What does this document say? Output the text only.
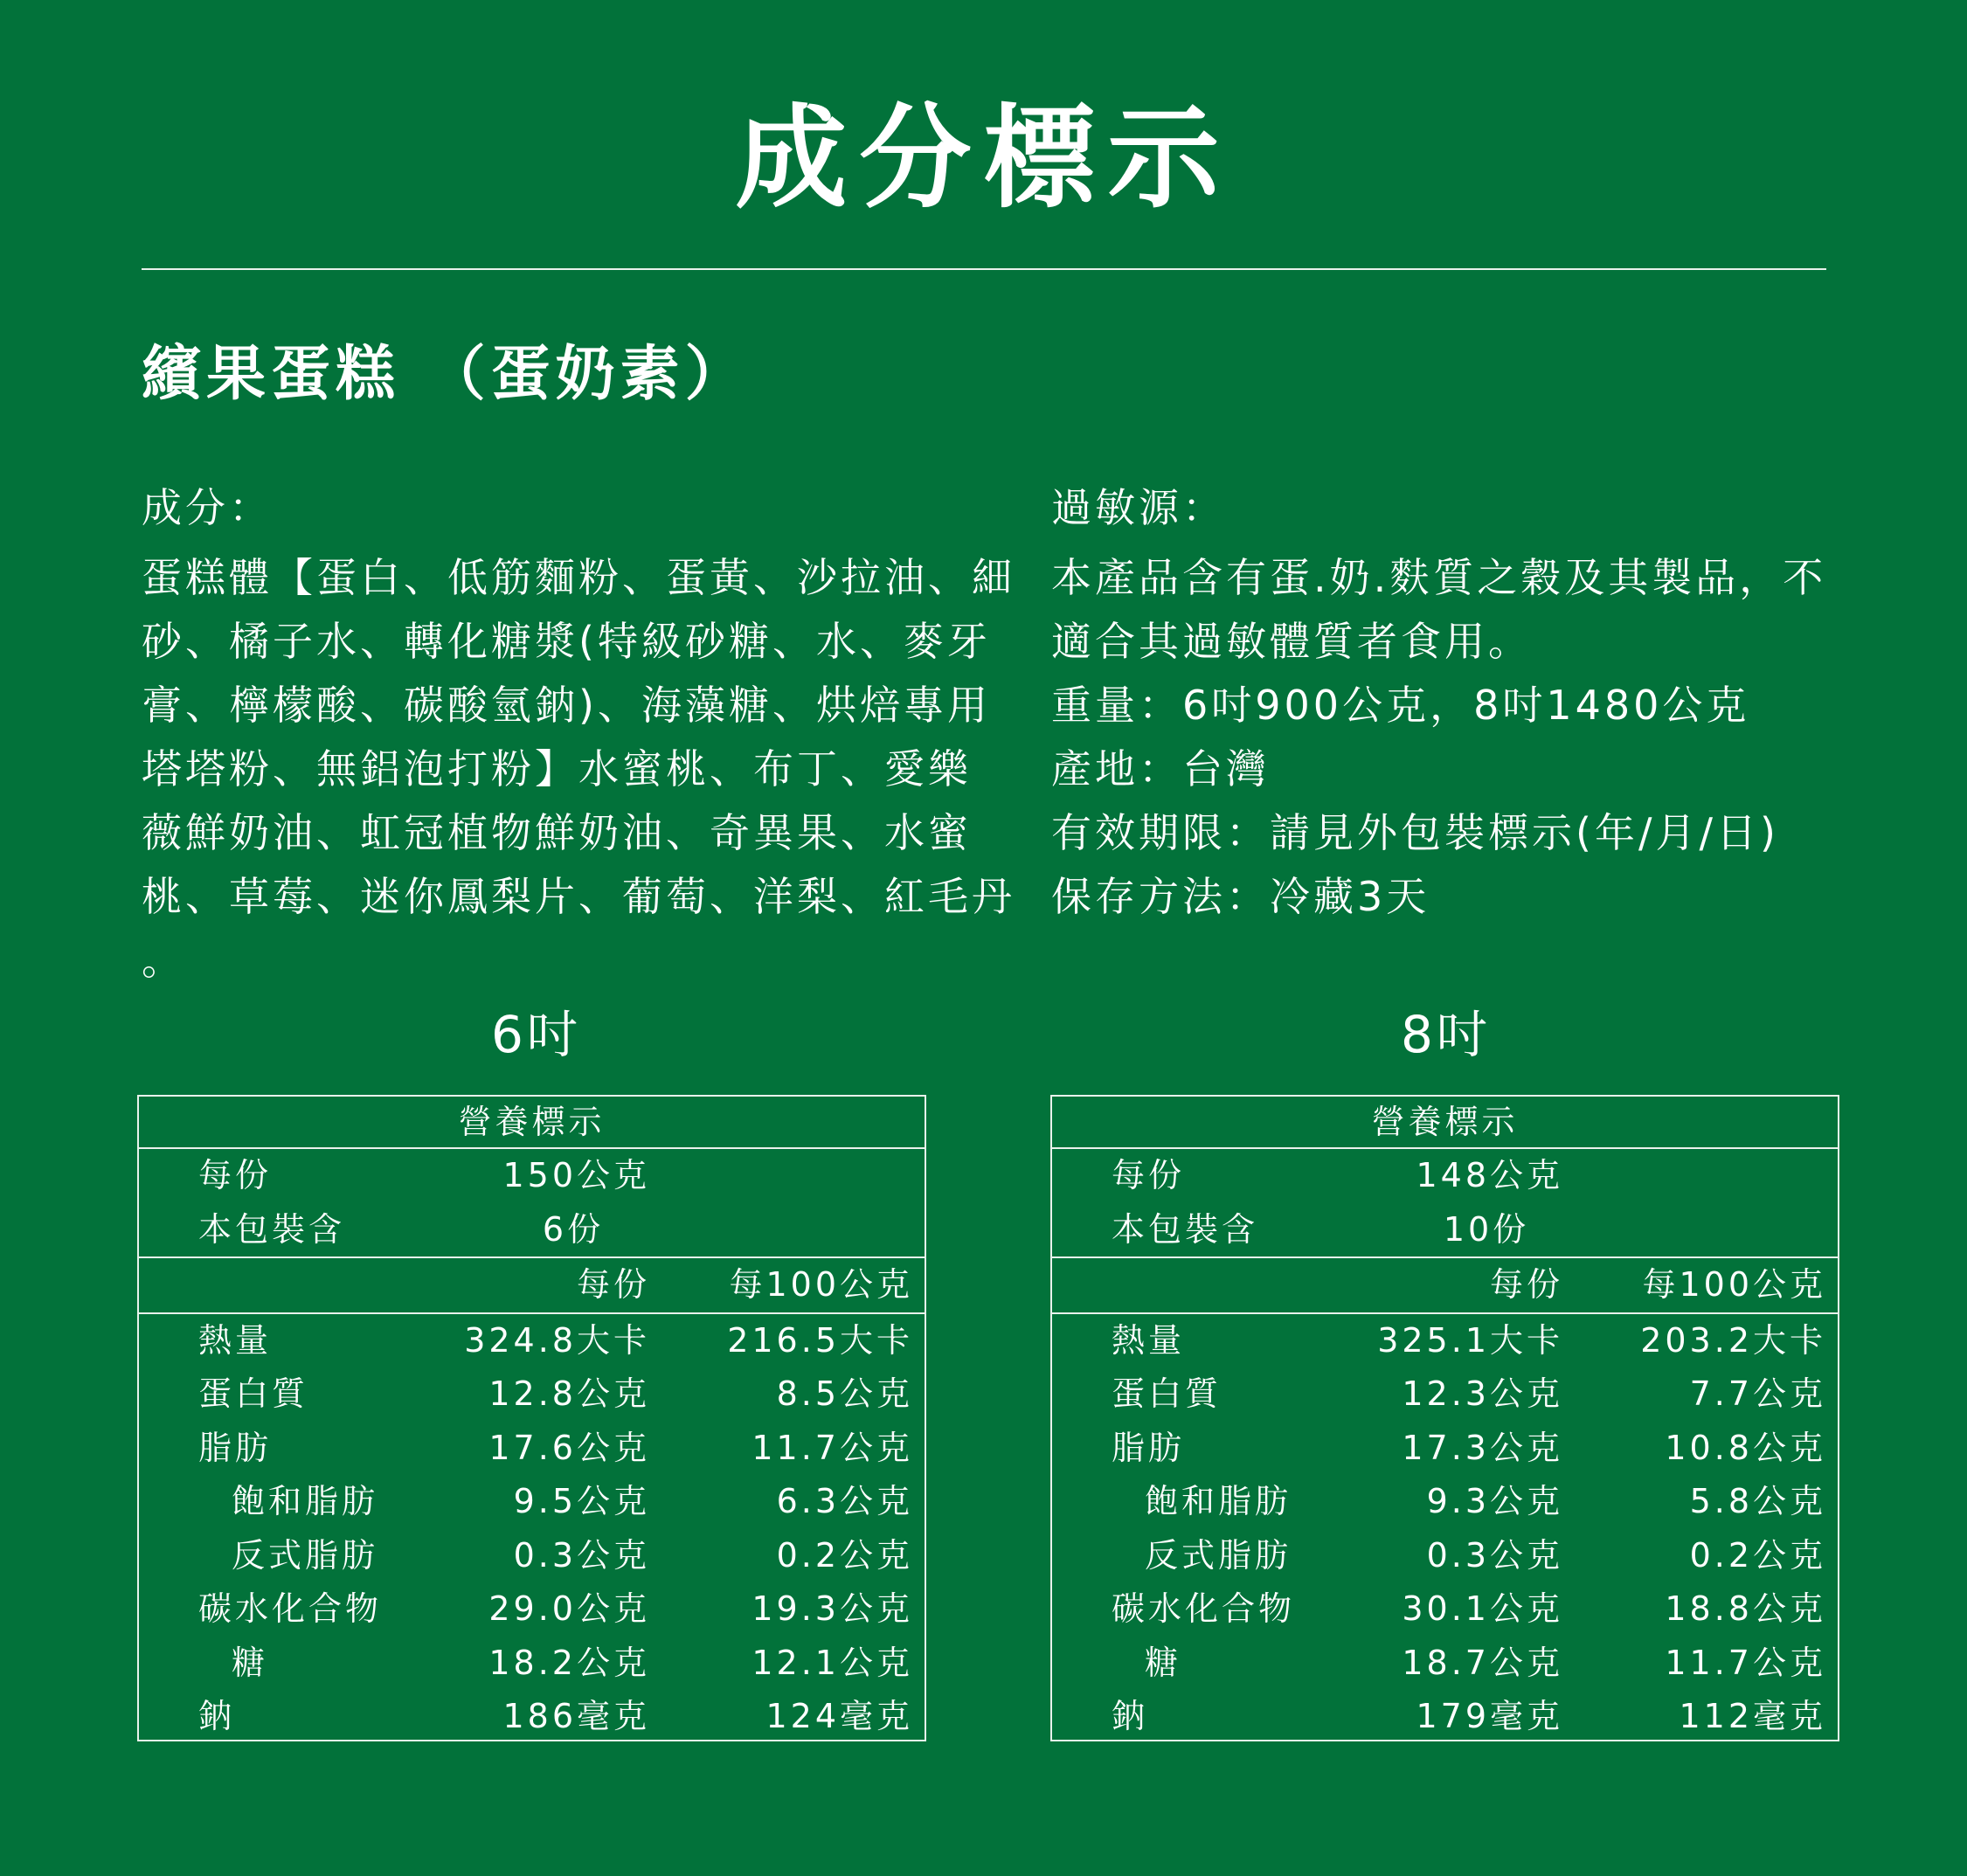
成分標示
繽果蛋糕 （蛋奶素）
成分：
蛋糕體【蛋白、低筋麵粉、蛋黃、沙拉油、細
砂、橘子水、轉化糖漿(特級砂糖、水、麥牙
膏、檸檬酸、碳酸氫鈉)、海藻糖、烘焙專用
塔塔粉、無鋁泡打粉】水蜜桃、布丁、愛樂
薇鮮奶油、虹冠植物鮮奶油、奇異果、水蜜
桃、草莓、迷你鳳梨片、葡萄、洋梨、紅毛丹
。
過敏源：
本產品含有蛋.奶.麩質之穀及其製品，不
適合其過敏體質者食用。
重量：6吋900公克，8吋1480公克
產地：台灣
有效期限：請見外包裝標示(年/月/日)
保存方法：冷藏3天
6吋	8吋
營養標示
每份	150公克
本包裝含	6份
每份 每100公克
熱量	324.8大卡 216.5大卡
蛋白質	12.8公克	8.5公克
脂肪	17.6公克	11.7公克
飽和脂肪	9.5公克	6.3公克
反式脂肪	0.3公克	0.2公克
碳水化合物	29.0公克	19.3公克
糖	18.2公克	12.1公克
鈉	186毫克	124毫克
營養標示
每份	148公克
本包裝含	10份
每份 每100公克
熱量	325.1大卡 203.2大卡
蛋白質	12.3公克	7.7公克
脂肪	17.3公克	10.8公克
飽和脂肪	9.3公克	5.8公克
反式脂肪	0.3公克	0.2公克
碳水化合物	30.1公克	18.8公克
糖	18.7公克	11.7公克
鈉	179毫克	112毫克
